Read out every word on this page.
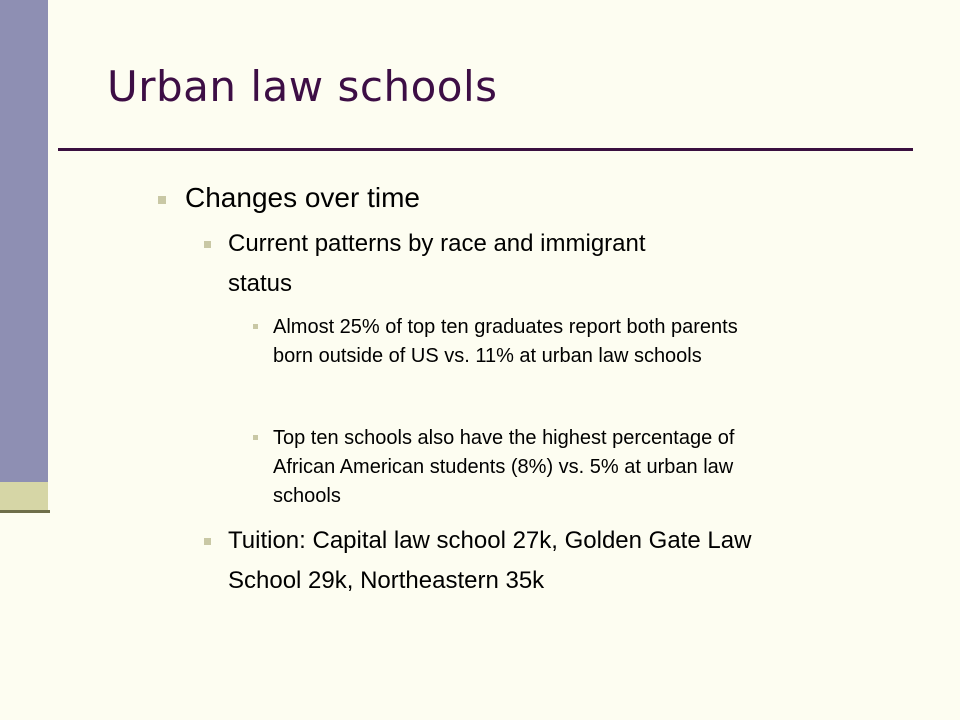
Urban law schools
Changes over time
Current patterns by race and immigrant
status
Almost 25% of top ten graduates report both parents
born outside of US vs. 11% at urban law schools
Top ten schools also have the highest percentage of
African American students (8%) vs. 5% at urban law
schools
Tuition: Capital law school 27k, Golden Gate Law
School 29k, Northeastern 35k
